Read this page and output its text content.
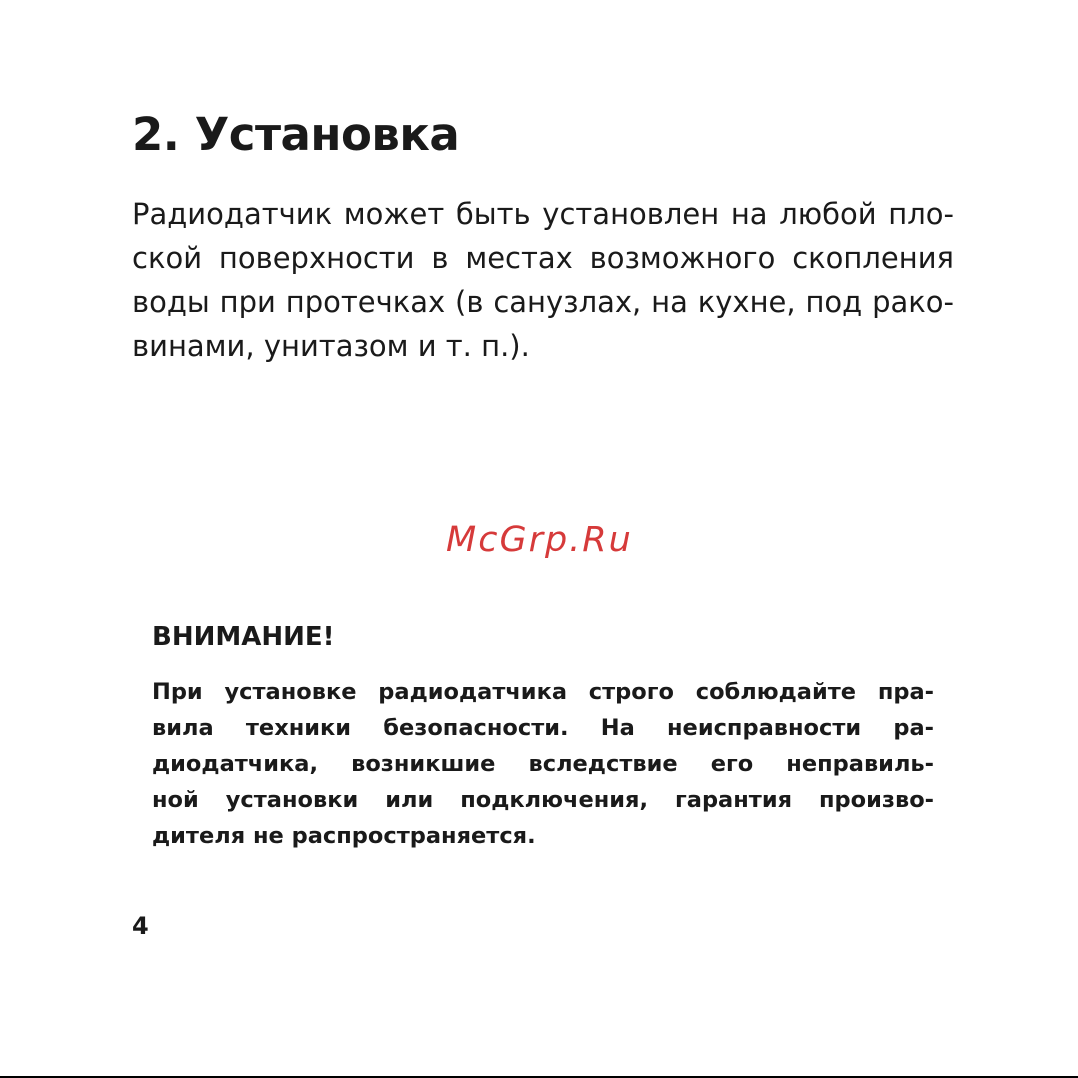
2. Установка
Радиодатчик может быть установлен на любой пло-
ской поверхности в местах возможного скопления
воды при протечках (в санузлах, на кухне, под рако-
винами, унитазом и т. п.).
McGrp.Ru
ВНИМАНИЕ!
При установке радиодатчика строго соблюдайте пра-
вила техники безопасности. На неисправности ра-
диодатчика, возникшие вследствие его неправиль-
ной установки или подключения, гарантия произво-
дителя не распространяется.
4
